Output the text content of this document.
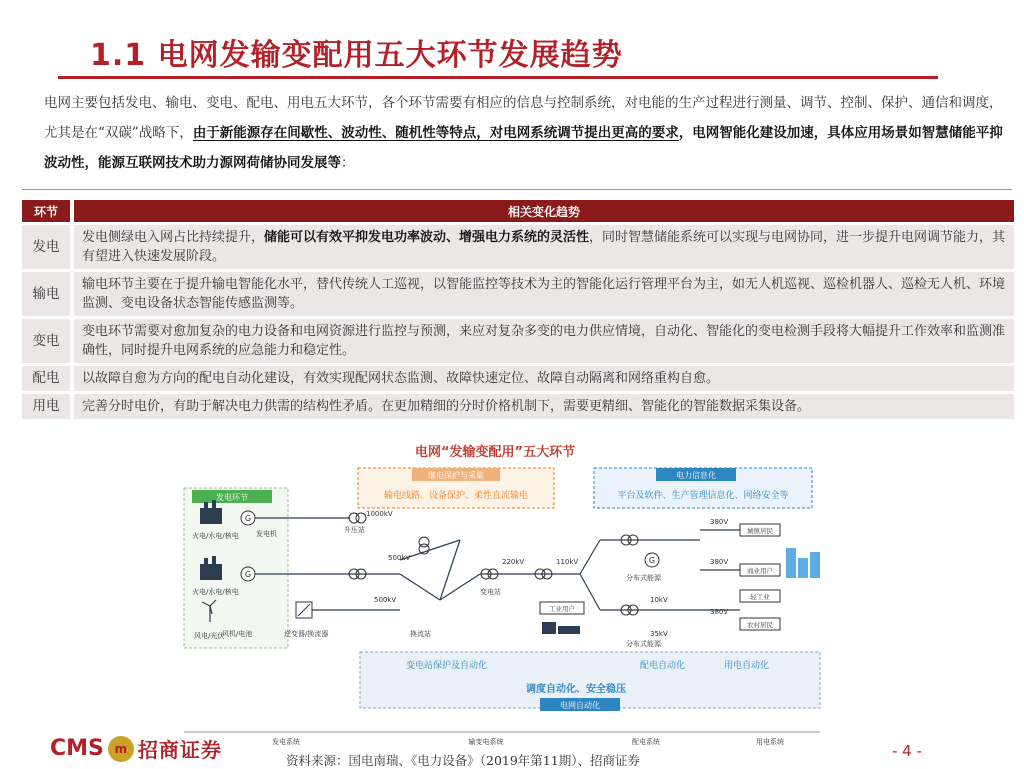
1.1 电网发输变配用五大环节发展趋势
电网主要包括发电、输电、变电、配电、用电五大环节，各个环节需要有相应的信息与控制系统，对电能的生产过程进行测量、调节、控制、保护、通信和调度，尤其是在“双碳”战略下，由于新能源存在间歇性、波动性、随机性等特点，对电网系统调节提出更高的要求，电网智能化建设加速，具体应用场景如智慧储能平抑波动性，能源互联网技术助力源网荷储协同发展等：
环节		相关变化趋势
发电		发电侧绿电入网占比持续提升，储能可以有效平抑发电功率波动、增强电力系统的灵活性，同时智慧储能系统可以实现与电网协同，进一步提升电网调节能力，其有望进入快速发展阶段。
输电		输电环节主要在于提升输电智能化水平，替代传统人工巡视，以智能监控等技术为主的智能化运行管理平台为主，如无人机巡视、巡检机器人、巡检无人机、环境监测、变电设备状态智能传感监测等。
变电		变电环节需要对愈加复杂的电力设备和电网资源进行监控与预测，来应对复杂多变的电力供应情境，自动化、智能化的变电检测手段将大幅提升工作效率和监测准确性，同时提升电网系统的应急能力和稳定性。
配电		以故障自愈为方向的配电自动化建设，有效实现配网状态监测、故障快速定位、故障自动隔离和网络重构自愈。
用电		完善分时电价，有助于解决电力供需的结构性矛盾。在更加精细的分时价格机制下，需要更精细、智能化的智能数据采集设备。
电网“发输变配用”五大环节
继电保护与采集
输电线路、设备保护、柔性直流输电
电力信息化
平台及软件、生产管理信息化、网络安全等
发电环节
火电/水电/核电
火电/水电/核电
风电/光伏
G
发电机
G
风机/电池	逆变器/换流器
1000kV
升压站
500kV	220kV
变电站
110kV
500kV
换流站
工业用户
G
分布式能源
10kV
35kV
分布式能源
380V
城镇居民
380V
商业用户
轻工业
380V
农村居民
变电站保护及自动化	配电自动化	用电自动化
调度自动化、安全稳压
电网自动化
发电系统	输变电系统	配电系统	用电系统
CMS m 招商证券	资料来源：国电南瑞、《电力设备》（2019年第11期）、招商证券
- 4 -
